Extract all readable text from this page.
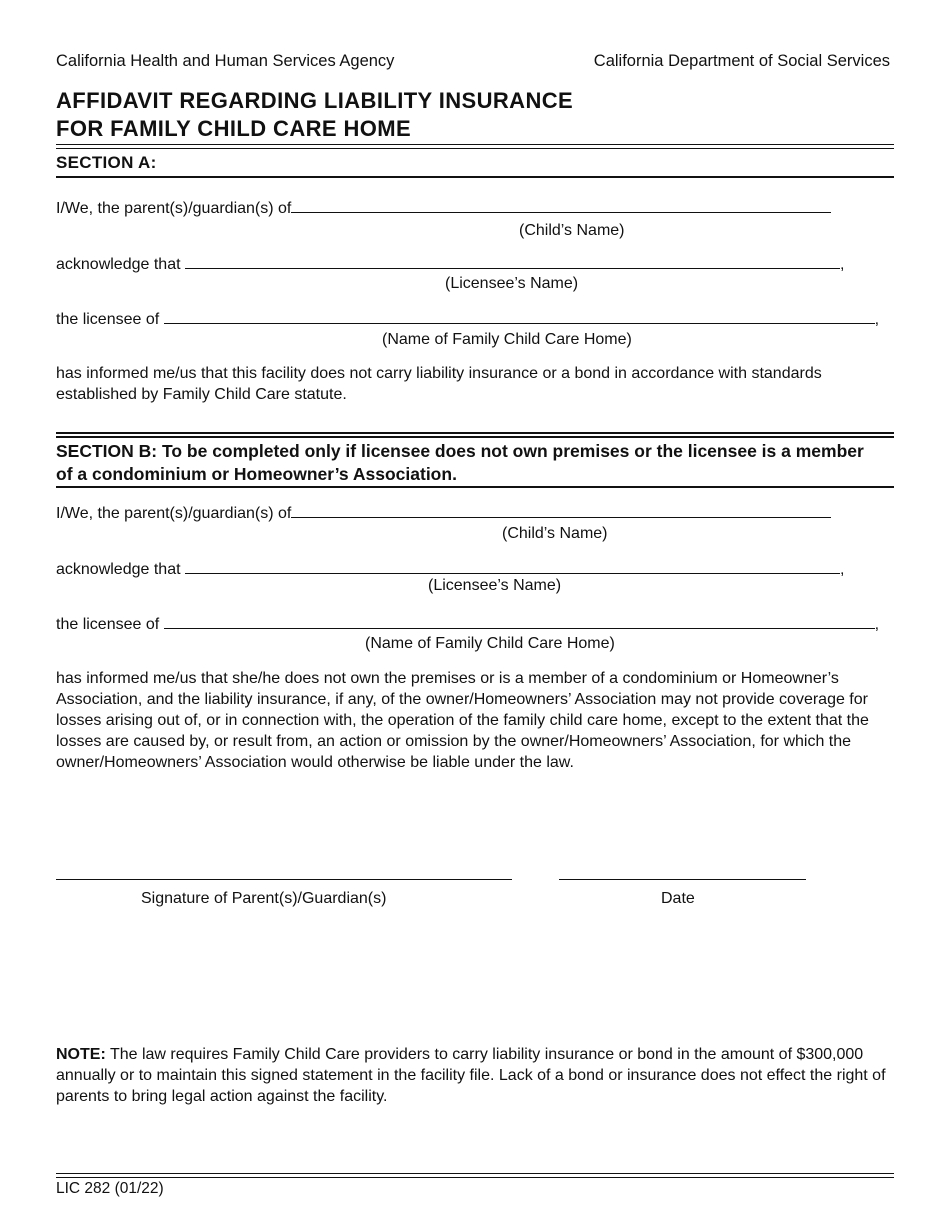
California Health and Human Services Agency	California Department of Social Services
AFFIDAVIT REGARDING LIABILITY INSURANCE
FOR FAMILY CHILD CARE HOME
SECTION A:
I/We, the parent(s)/guardian(s) of
(Child’s Name)
acknowledge that	,
(Licensee’s Name)
the licensee of	,
(Name of Family Child Care Home)
has informed me/us that this facility does not carry liability insurance or a bond in accordance with standards established by Family Child Care statute.
SECTION B: To be completed only if licensee does not own premises or the licensee is a member of a condominium or Homeowner’s Association.
I/We, the parent(s)/guardian(s) of
(Child’s Name)
acknowledge that	,
(Licensee’s Name)
the licensee of	,
(Name of Family Child Care Home)
has informed me/us that she/he does not own the premises or is a member of a condominium or Homeowner’s Association, and the liability insurance, if any, of the owner/Homeowners’ Association may not provide coverage for losses arising out of, or in connection with, the operation of the family child care home, except to the extent that the losses are caused by, or result from, an action or omission by the owner/Homeowners’ Association, for which the owner/Homeowners’ Association would otherwise be liable under the law.
Signature of Parent(s)/Guardian(s)	Date
NOTE: The law requires Family Child Care providers to carry liability insurance or bond in the amount of $300,000 annually or to maintain this signed statement in the facility file. Lack of a bond or insurance does not effect the right of parents to bring legal action against the facility.
LIC 282 (01/22)
